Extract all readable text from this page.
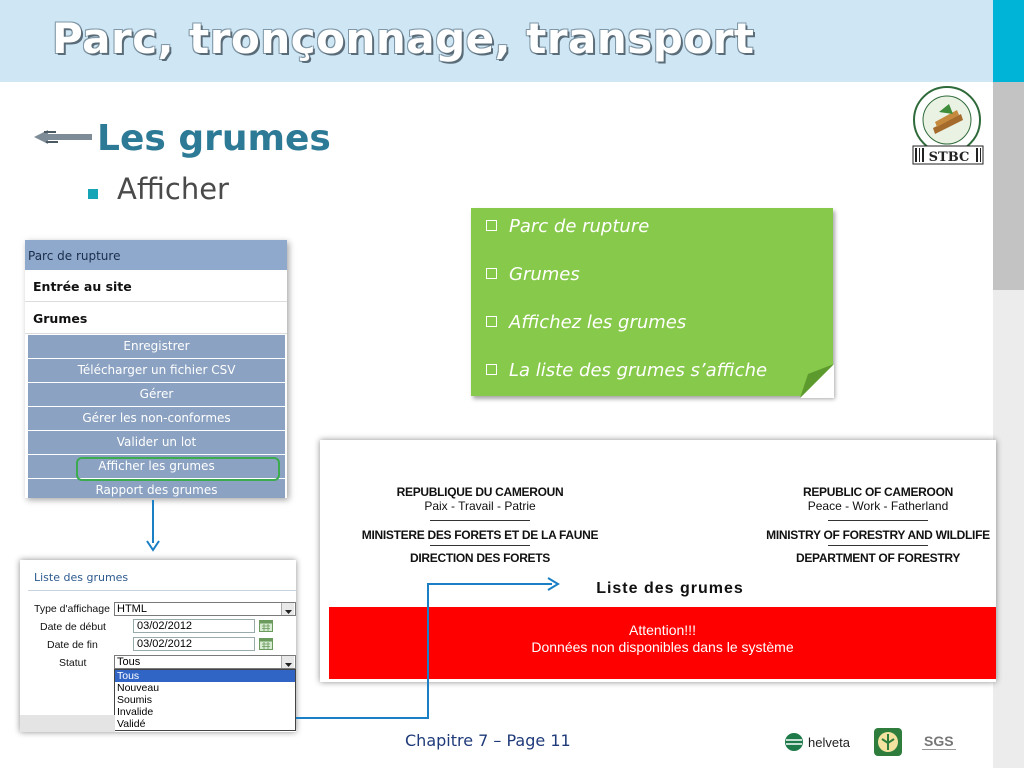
Parc, tronçonnage, transport
Les grumes
Afficher
STBC
Parc de rupture
Entrée au site
Grumes
Enregistrer
Télécharger un fichier CSV
Gérer
Gérer les non-conformes
Valider un lot
Afficher les grumes
Rapport des grumes
Parc de rupture
Grumes
Affichez les grumes
La liste des grumes s’affiche
REPUBLIQUE DU CAMEROUN
Paix - Travail - Patrie
MINISTERE DES FORETS ET DE LA FAUNE
DIRECTION DES FORETS
REPUBLIC OF CAMEROON
Peace - Work - Fatherland
MINISTRY OF FORESTRY AND WILDLIFE
DEPARTMENT OF FORESTRY
Liste des grumes
Attention!!!
Données non disponibles dans le système
Liste des grumes
Type d'affichage HTML
Date de début	03/02/2012
Date de fin	03/02/2012
Statut	Tous
Tous
Nouveau
Soumis
Invalide
Validé
Chapitre 7 – Page 11	helveta	SGS
